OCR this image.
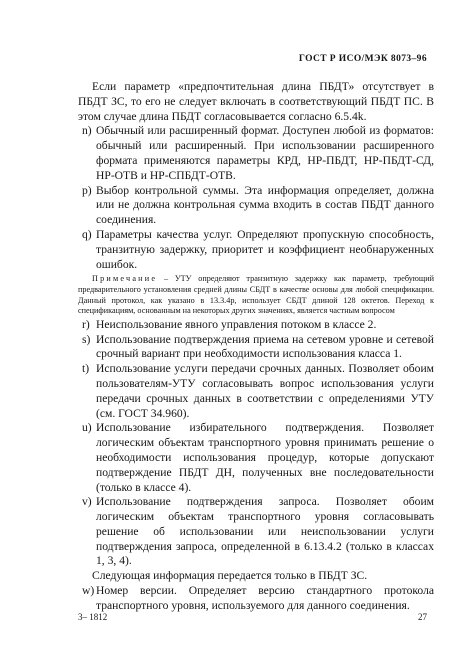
ГОСТ Р ИСО/МЭК 8073–96

Если параметр «предпочтительная длина ПБДТ» отсутствует в ПБДТ ЗС, то его не следует включать в соответствующий ПБДТ ПС. В этом случае длина ПБДТ согласовывается согласно 6.5.4k.

n) Обычный или расширенный формат. Доступен любой из форматов: обычный или расширенный. При использовании расширенного формата применяются параметры КРД, НР-ПБДТ, НР-ПБДТ-СД, НР-ОТВ и НР-СПБДТ-ОТВ.

p) Выбор контрольной суммы. Эта информация определяет, должна или не должна контрольная сумма входить в состав ПБДТ данного соединения.

q) Параметры качества услуг. Определяют пропускную способность, транзитную задержку, приоритет и коэффициент необнаруженных ошибок.

Примечание – УТУ определяют транзитную задержку как параметр, требующий предварительного установления средней длины СБДТ в качестве основы для любой спецификации. Данный протокол, как указано в 13.3.4р, использует СБДТ длиной 128 октетов. Переход к спецификациям, основанным на некоторых других значениях, является частным вопросом

r) Неиспользование явного управления потоком в классе 2.

s) Использование подтверждения приема на сетевом уровне и сетевой срочный вариант при необходимости использования класса 1.

t) Использование услуги передачи срочных данных. Позволяет обоим пользователям-УТУ согласовывать вопрос использования услуги передачи срочных данных в соответствии с определениями УТУ (см. ГОСТ 34.960).

u) Использование избирательного подтверждения. Позволяет логическим объектам транспортного уровня принимать решение о необходимости использования процедур, которые допускают подтверждение ПБДТ ДН, полученных вне последовательности (только в классе 4).

v) Использование подтверждения запроса. Позволяет обоим логическим объектам транспортного уровня согласовывать решение об использовании или неиспользовании услуги подтверждения запроса, определенной в 6.13.4.2 (только в классах 1, 3, 4).

Следующая информация передается только в ПБДТ ЗС.

w) Номер версии. Определяет версию стандартного протокола транспортного уровня, используемого для данного соединения.

3– 1812	27
